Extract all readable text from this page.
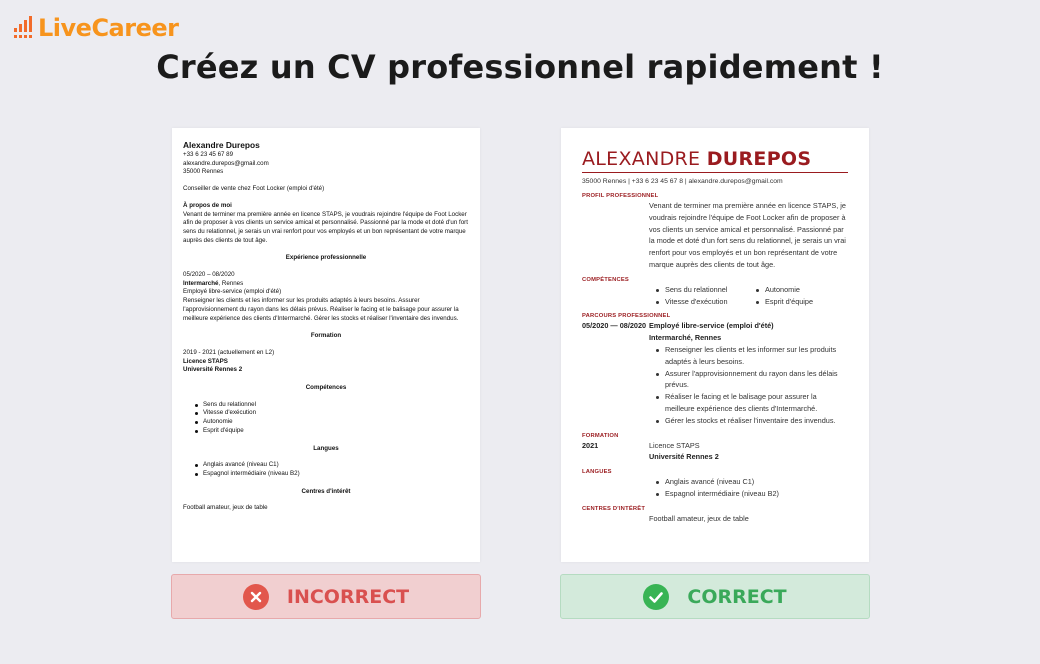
LiveCareer
Créez un CV professionnel rapidement !
Alexandre Durepos
+33 6 23 45 67 89
alexandre.durepos@gmail.com
35000 Rennes
Conseiller de vente chez Foot Locker (emploi d'été)
À propos de moi
Venant de terminer ma première année en licence STAPS, je voudrais rejoindre l'équipe de Foot Locker afin de proposer à vos clients un service amical et personnalisé. Passionné par la mode et doté d'un fort sens du relationnel, je serais un vrai renfort pour vos employés et un bon représentant de votre marque auprès des clients de tout âge.
Expérience professionnelle
05/2020 – 08/2020
Intermarché, Rennes
Employé libre-service (emploi d'été)
Renseigner les clients et les informer sur les produits adaptés à leurs besoins. Assurer l'approvisionnement du rayon dans les délais prévus. Réaliser le facing et le balisage pour assurer la meilleure expérience des clients d'Intermarché. Gérer les stocks et réaliser l'inventaire des invendus.
Formation
2019 - 2021 (actuellement en L2)
Licence STAPS
Université Rennes 2
Compétences
Sens du relationnel
Vitesse d'exécution
Autonomie
Esprit d'équipe
Langues
Anglais avancé (niveau C1)
Espagnol intermédiaire (niveau B2)
Centres d'intérêt
Football amateur, jeux de table
ALEXANDRE DUREPOS
35000 Rennes | +33 6 23 45 67 8 | alexandre.durepos@gmail.com
PROFIL PROFESSIONNEL
Venant de terminer ma première année en licence STAPS, je voudrais rejoindre l'équipe de Foot Locker afin de proposer à vos clients un service amical et personnalisé. Passionné par la mode et doté d'un fort sens du relationnel, je serais un vrai renfort pour vos employés et un bon représentant de votre marque auprès des clients de tout âge.
COMPÉTENCES
Sens du relationnel	Autonomie
Vitesse d'exécution	Esprit d'équipe
PARCOURS PROFESSIONNEL
05/2020 — 08/2020 Employé libre-service (emploi d'été)
Intermarché, Rennes
Renseigner les clients et les informer sur les produits adaptés à leurs besoins.
Assurer l'approvisionnement du rayon dans les délais prévus.
Réaliser le facing et le balisage pour assurer la meilleure expérience des clients d'Intermarché.
Gérer les stocks et réaliser l'inventaire des invendus.
FORMATION
2021	Licence STAPS
Université Rennes 2
LANGUES
Anglais avancé (niveau C1)
Espagnol intermédiaire (niveau B2)
CENTRES D'INTÉRÊT
Football amateur, jeux de table
INCORRECT	CORRECT
